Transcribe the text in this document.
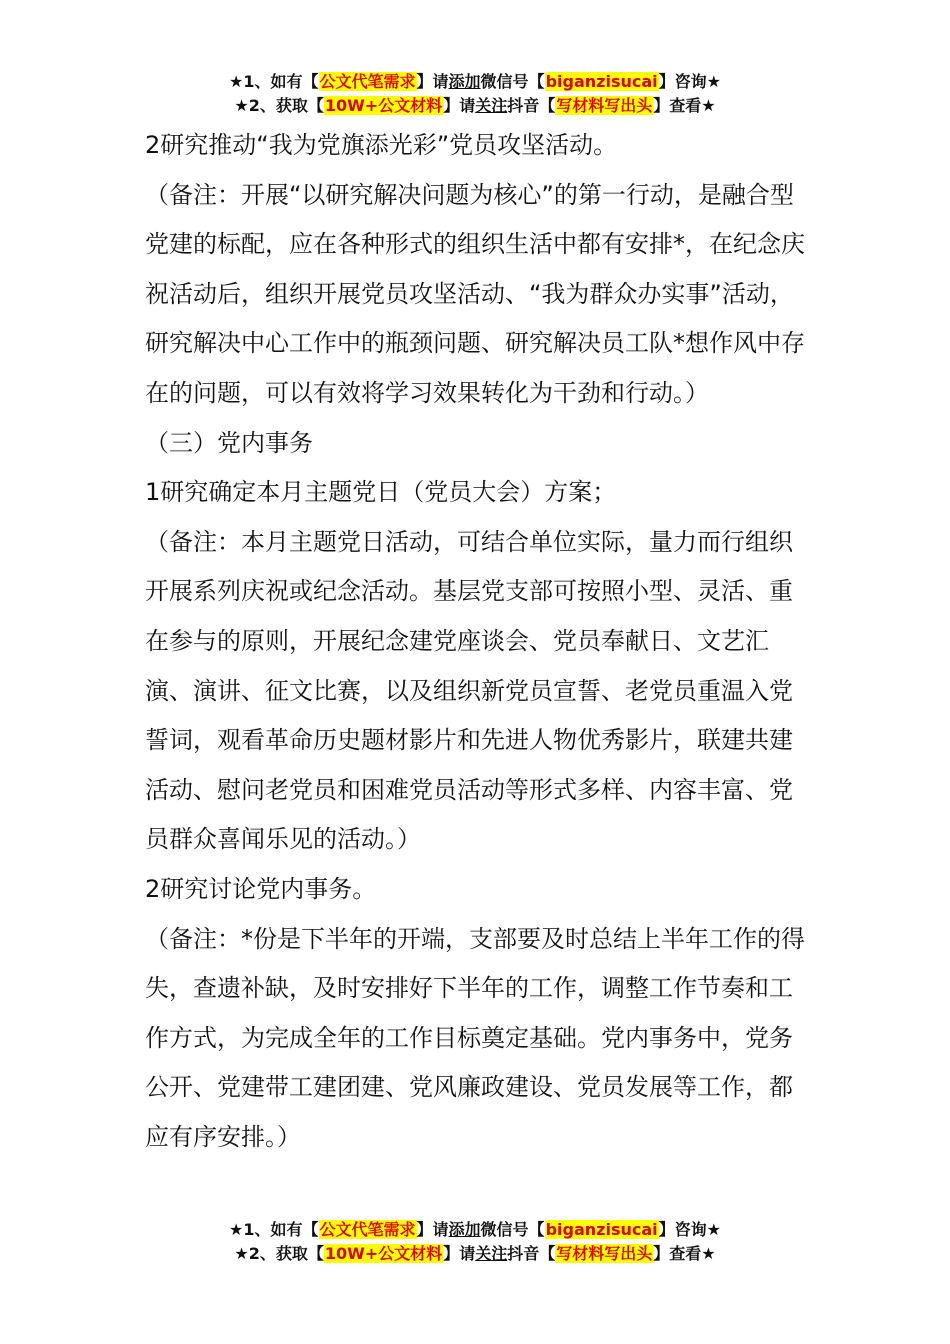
★1、如有【公文代笔需求】请添加微信号【biganzisucai】咨询★
★2、获取【10W+公文材料】请关注抖音【写材料写出头】查看★

2研究推动“我为党旗添光彩”党员攻坚活动。

（备注：开展“以研究解决问题为核心”的第一行动，是融合型党建的标配，应在各种形式的组织生活中都有安排*，在纪念庆祝活动后，组织开展党员攻坚活动、“我为群众办实事”活动，研究解决中心工作中的瓶颈问题、研究解决员工队*想作风中存在的问题，可以有效将学习效果转化为干劲和行动。）

（三）党内事务

1研究确定本月主题党日（党员大会）方案；

（备注：本月主题党日活动，可结合单位实际，量力而行组织开展系列庆祝或纪念活动。基层党支部可按照小型、灵活、重在参与的原则，开展纪念建党座谈会、党员奉献日、文艺汇演、演讲、征文比赛，以及组织新党员宣誓、老党员重温入党誓词，观看革命历史题材影片和先进人物优秀影片，联建共建活动、慰问老党员和困难党员活动等形式多样、内容丰富、党员群众喜闻乐见的活动。）

2研究讨论党内事务。

（备注：*份是下半年的开端，支部要及时总结上半年工作的得失，查遗补缺，及时安排好下半年的工作，调整工作节奏和工作方式，为完成全年的工作目标奠定基础。党内事务中，党务公开、党建带工建团建、党风廉政建设、党员发展等工作，都应有序安排。）

★1、如有【公文代笔需求】请添加微信号【biganzisucai】咨询★
★2、获取【10W+公文材料】请关注抖音【写材料写出头】查看★
